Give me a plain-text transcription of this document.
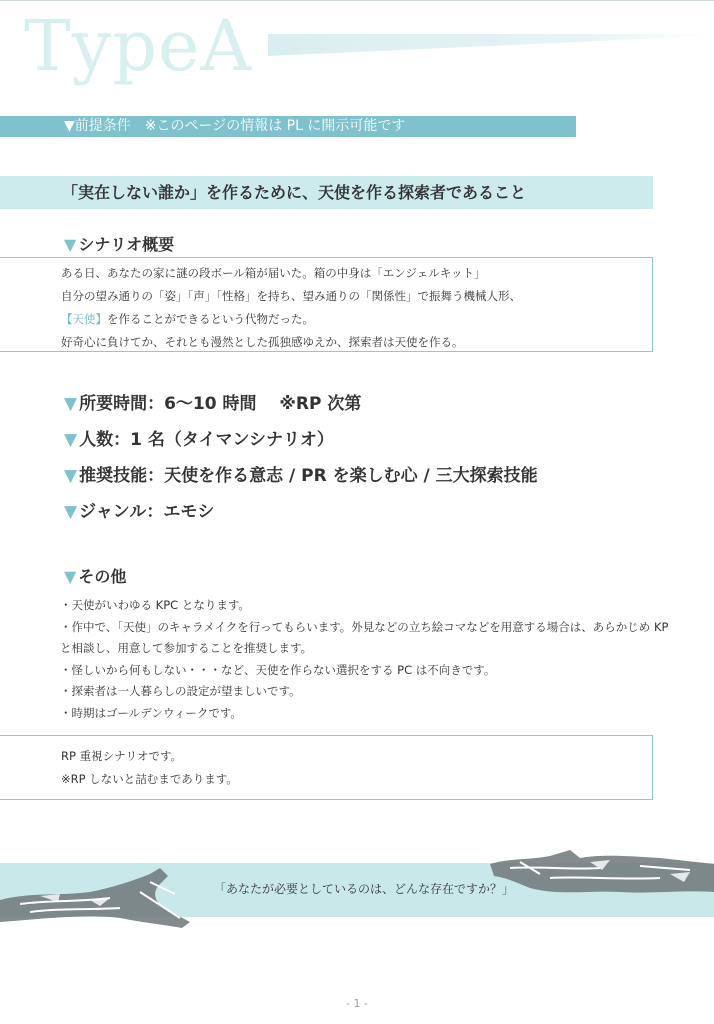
TypeA
▼前提条件 ※このページの情報は PL に開示可能です
「実在しない誰か」を作るために、天使を作る探索者であること
▼ シナリオ概要
ある日、あなたの家に謎の段ボール箱が届いた。箱の中身は「エンジェルキット」
自分の望み通りの「姿」「声」「性格」を持ち、望み通りの「関係性」で振舞う機械人形、
【天使】を作ることができるという代物だった。
好奇心に負けてか、それとも漫然とした孤独感ゆえか、探索者は天使を作る。
▼ 所要時間：6〜10 時間　 ※RP 次第
▼ 人数：1 名（タイマンシナリオ）
▼ 推奨技能：天使を作る意志 / PR を楽しむ心 / 三大探索技能
▼ ジャンル：エモシ
▼ その他
・天使がいわゆる KPC となります。
・作中で、「天使」のキャラメイクを行ってもらいます。外見などの立ち絵コマなどを用意する場合は、あらかじめ KP と相談し、用意して参加することを推奨します。
・怪しいから何もしない・・・など、天使を作らない選択をする PC は不向きです。
・探索者は一人暮らしの設定が望ましいです。
・時期はゴールデンウィークです。
RP 重視シナリオです。
※RP しないと詰むまであります。
「あなたが必要としているのは、どんな存在ですか？」
- 1 -
